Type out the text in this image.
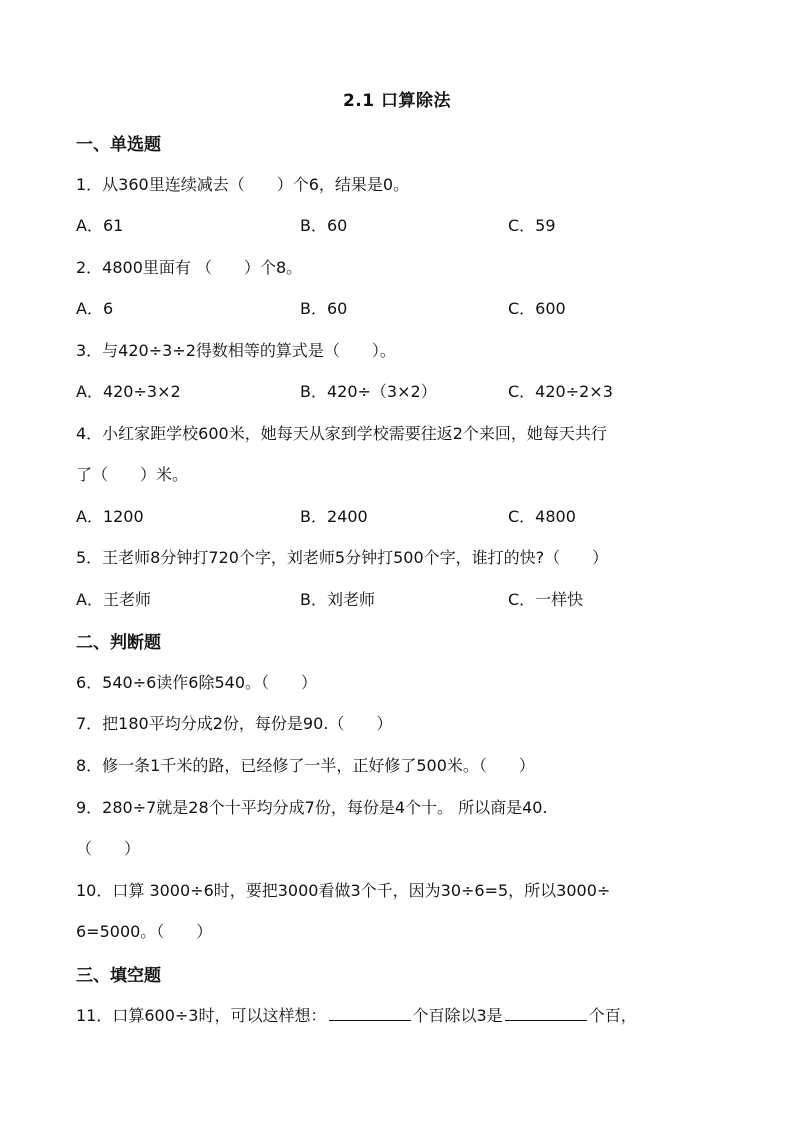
2.1 口算除法
一、单选题
1．从360里连续减去（　　）个6，结果是0。
A．61	B．60	C．59
2．4800里面有 （　　）个8。
A．6	B．60	C．600
3．与420÷3÷2得数相等的算式是（　　）。
A．420÷3×2	B．420÷（3×2）	C．420÷2×3
4．小红家距学校600米，她每天从家到学校需要往返2个来回，她每天共行
了（　　）米。
A．1200	B．2400	C．4800
5．王老师8分钟打720个字，刘老师5分钟打500个字，谁打的快?（　　）
A．王老师	B．刘老师	C．一样快
二、判断题
6．540÷6读作6除540。（　　）
7．把180平均分成2份，每份是90.（　　）
8．修一条1千米的路，已经修了一半，正好修了500米。（　　）
9．280÷7就是28个十平均分成7份，每份是4个十。 所以商是40.
（　　）
10．口算 3000÷6时，要把3000看做3个千，因为30÷6=5，所以3000÷
6=5000。（　　）
三、填空题
11．口算600÷3时，可以这样想：	个百除以3是	个百，
